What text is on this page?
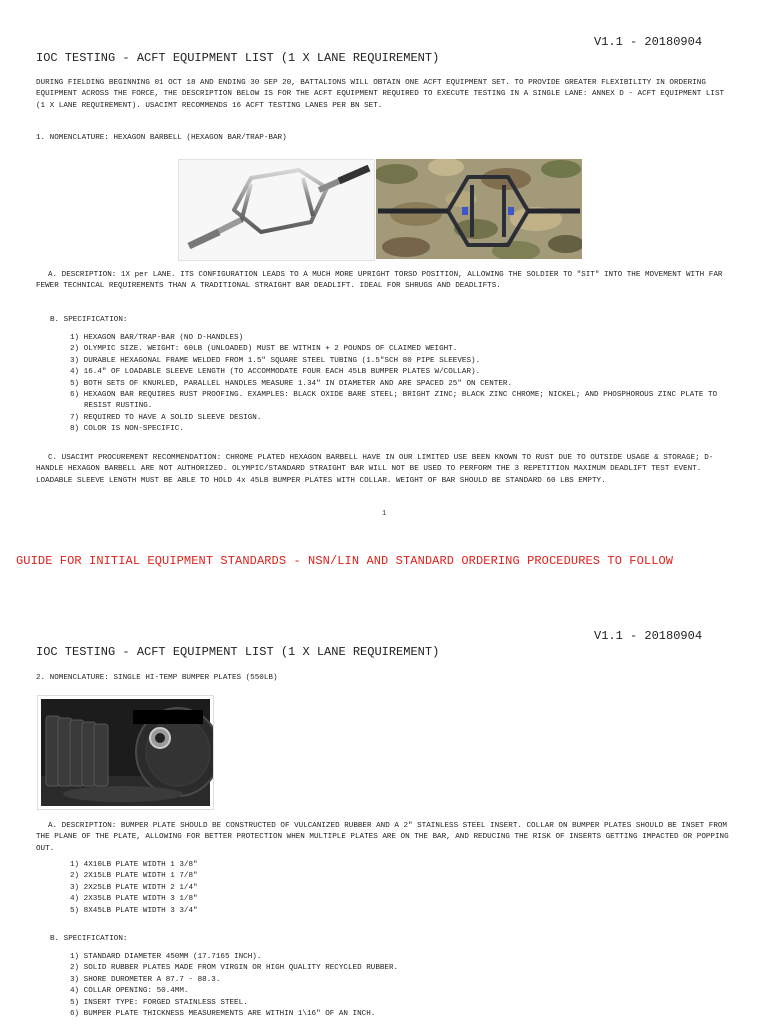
V1.1 - 20180904
IOC TESTING - ACFT EQUIPMENT LIST (1 X LANE REQUIREMENT)
DURING FIELDING BEGINNING 01 OCT 18 AND ENDING 30 SEP 20, BATTALIONS WILL OBTAIN ONE ACFT EQUIPMENT SET. TO PROVIDE GREATER FLEXIBILITY IN ORDERING EQUIPMENT ACROSS THE FORCE, THE DESCRIPTION BELOW IS FOR THE ACFT EQUIPMENT REQUIRED TO EXECUTE TESTING IN A SINGLE LANE: ANNEX D - ACFT EQUIPMENT LIST (1 X LANE REQUIREMENT). USACIMT RECOMMENDS 16 ACFT TESTING LANES PER BN SET.
1. NOMENCLATURE: HEXAGON BARBELL (HEXAGON BAR/TRAP-BAR)
A. DESCRIPTION: 1X per LANE. ITS CONFIGURATION LEADS TO A MUCH MORE UPRIGHT TORSO POSITION, ALLOWING THE SOLDIER TO "SIT" INTO THE MOVEMENT WITH FAR FEWER TECHNICAL REQUIREMENTS THAN A TRADITIONAL STRAIGHT BAR DEADLIFT. IDEAL FOR SHRUGS AND DEADLIFTS.
B. SPECIFICATION:
1) HEXAGON BAR/TRAP-BAR (NO D-HANDLES)
2) OLYMPIC SIZE. WEIGHT: 60LB (UNLOADED) MUST BE WITHIN + 2 POUNDS OF CLAIMED WEIGHT.
3) DURABLE HEXAGONAL FRAME WELDED FROM 1.5" SQUARE STEEL TUBING (1.5"SCH 80 PIPE SLEEVES).
4) 16.4" OF LOADABLE SLEEVE LENGTH (TO ACCOMMODATE FOUR EACH 45LB BUMPER PLATES W/COLLAR).
5) BOTH SETS OF KNURLED, PARALLEL HANDLES MEASURE 1.34" IN DIAMETER AND ARE SPACED 25" ON CENTER.
6) HEXAGON BAR REQUIRES RUST PROOFING. EXAMPLES: BLACK OXIDE BARE STEEL; BRIGHT ZINC; BLACK ZINC CHROME; NICKEL; AND PHOSPHOROUS ZINC PLATE TO RESIST RUSTING.
7) REQUIRED TO HAVE A SOLID SLEEVE DESIGN.
8) COLOR IS NON-SPECIFIC.
C. USACIMT PROCUREMENT RECOMMENDATION: CHROME PLATED HEXAGON BARBELL HAVE IN OUR LIMITED USE BEEN KNOWN TO RUST DUE TO OUTSIDE USAGE & STORAGE; D-HANDLE HEXAGON BARBELL ARE NOT AUTHORIZED. OLYMPIC/STANDARD STRAIGHT BAR WILL NOT BE USED TO PERFORM THE 3 REPETITION MAXIMUM DEADLIFT TEST EVENT. LOADABLE SLEEVE LENGTH MUST BE ABLE TO HOLD 4x 45LB BUMPER PLATES WITH COLLAR. WEIGHT OF BAR SHOULD BE STANDARD 60 LBS EMPTY.
1
GUIDE FOR INITIAL EQUIPMENT STANDARDS - NSN/LIN AND STANDARD ORDERING PROCEDURES TO FOLLOW
V1.1 - 20180904
IOC TESTING - ACFT EQUIPMENT LIST (1 X LANE REQUIREMENT)
2. NOMENCLATURE: SINGLE HI-TEMP BUMPER PLATES (550LB)
A. DESCRIPTION: BUMPER PLATE SHOULD BE CONSTRUCTED OF VULCANIZED RUBBER AND A 2" STAINLESS STEEL INSERT. COLLAR ON BUMPER PLATES SHOULD BE INSET FROM THE PLANE OF THE PLATE, ALLOWING FOR BETTER PROTECTION WHEN MULTIPLE PLATES ARE ON THE BAR, AND REDUCING THE RISK OF INSERTS GETTING IMPACTED OR POPPING OUT.
1) 4X10LB PLATE WIDTH 1 3/8"
2) 2X15LB PLATE WIDTH 1 7/8"
3) 2X25LB PLATE WIDTH 2 1/4"
4) 2X35LB PLATE WIDTH 3 1/8"
5) 8X45LB PLATE WIDTH 3 3/4"
B. SPECIFICATION:
1) STANDARD DIAMETER 450MM (17.7165 INCH).
2) SOLID RUBBER PLATES MADE FROM VIRGIN OR HIGH QUALITY RECYCLED RUBBER.
3) SHORE DUROMETER A 87.7 - 88.3.
4) COLLAR OPENING: 50.4MM.
5) INSERT TYPE: FORGED STAINLESS STEEL.
6) BUMPER PLATE THICKNESS MEASUREMENTS ARE WITHIN 1\16" OF AN INCH.
